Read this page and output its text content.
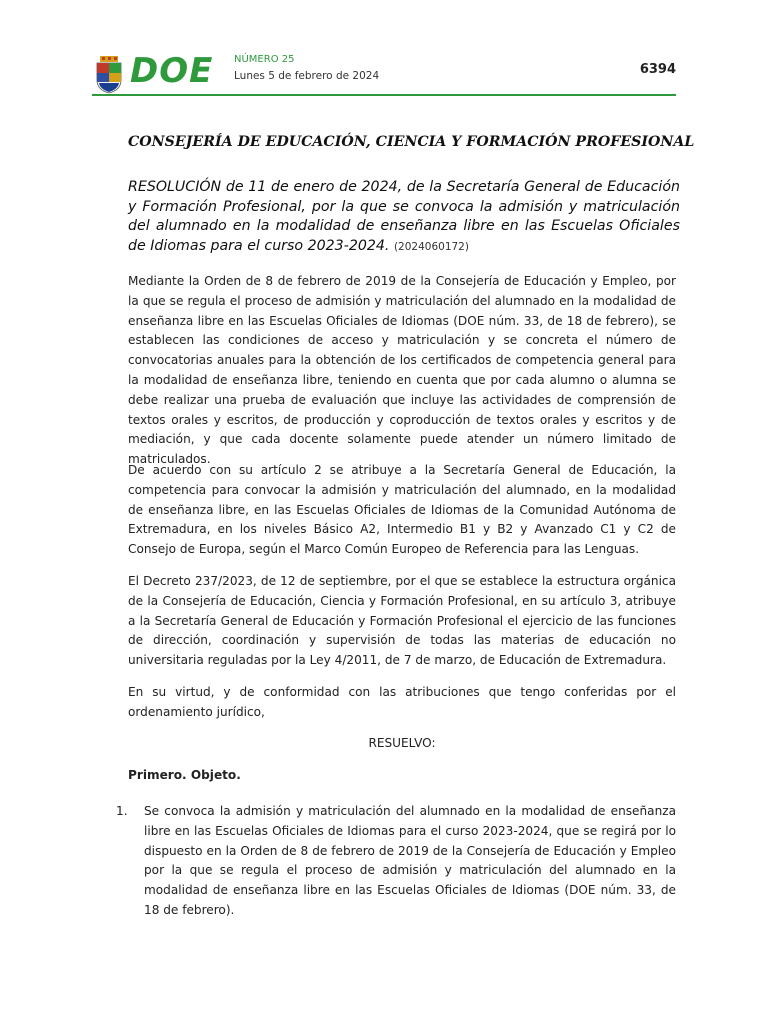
DOE NÚMERO 25
Lunes 5 de febrero de 2024	6394
CONSEJERÍA DE EDUCACIÓN, CIENCIA Y FORMACIÓN PROFESIONAL
RESOLUCIÓN de 11 de enero de 2024, de la Secretaría General de Educación y Formación Profesional, por la que se convoca la admisión y matriculación del alumnado en la modalidad de enseñanza libre en las Escuelas Oficiales de Idiomas para el curso 2023-2024. (2024060172)
Mediante la Orden de 8 de febrero de 2019 de la Consejería de Educación y Empleo, por la que se regula el proceso de admisión y matriculación del alumnado en la modalidad de enseñanza libre en las Escuelas Oficiales de Idiomas (DOE núm. 33, de 18 de febrero), se establecen las condiciones de acceso y matriculación y se concreta el número de convocatorias anuales para la obtención de los certificados de competencia general para la modalidad de enseñanza libre, teniendo en cuenta que por cada alumno o alumna se debe realizar una prueba de evaluación que incluye las actividades de comprensión de textos orales y escritos, de producción y coproducción de textos orales y escritos y de mediación, y que cada docente solamente puede atender un número limitado de matriculados.
De acuerdo con su artículo 2 se atribuye a la Secretaría General de Educación, la competencia para convocar la admisión y matriculación del alumnado, en la modalidad de enseñanza libre, en las Escuelas Oficiales de Idiomas de la Comunidad Autónoma de Extremadura, en los niveles Básico A2, Intermedio B1 y B2 y Avanzado C1 y C2 de Consejo de Europa, según el Marco Común Europeo de Referencia para las Lenguas.
El Decreto 237/2023, de 12 de septiembre, por el que se establece la estructura orgánica de la Consejería de Educación, Ciencia y Formación Profesional, en su artículo 3, atribuye a la Secretaría General de Educación y Formación Profesional el ejercicio de las funciones de dirección, coordinación y supervisión de todas las materias de educación no universitaria reguladas por la Ley 4/2011, de 7 de marzo, de Educación de Extremadura.
En su virtud, y de conformidad con las atribuciones que tengo conferidas por el ordenamiento jurídico,
RESUELVO:
Primero. Objeto.
1. Se convoca la admisión y matriculación del alumnado en la modalidad de enseñanza libre en las Escuelas Oficiales de Idiomas para el curso 2023-2024, que se regirá por lo dispuesto en la Orden de 8 de febrero de 2019 de la Consejería de Educación y Empleo por la que se regula el proceso de admisión y matriculación del alumnado en la modalidad de enseñanza libre en las Escuelas Oficiales de Idiomas (DOE núm. 33, de 18 de febrero).
